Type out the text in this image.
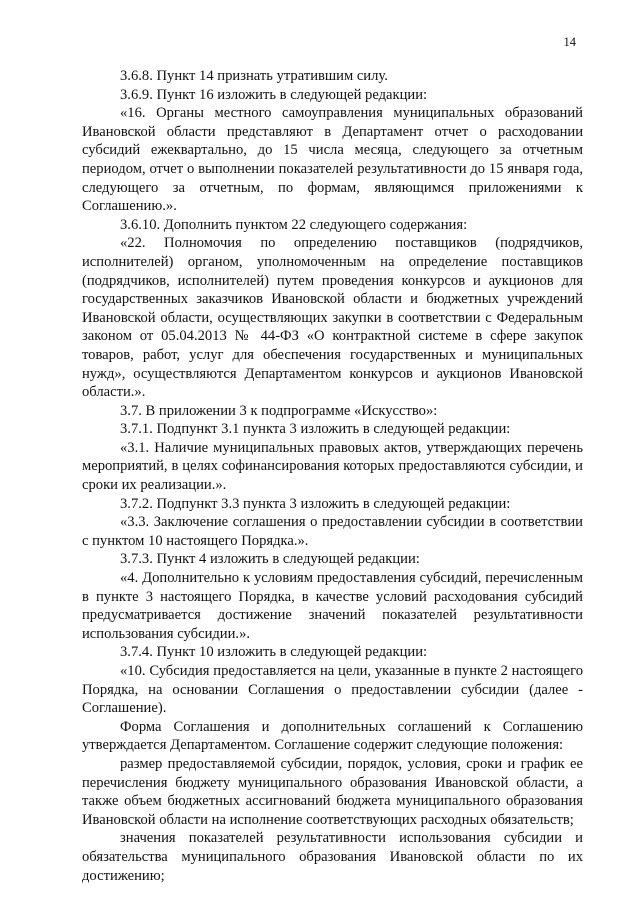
14

3.6.8. Пункт 14 признать утратившим силу.

3.6.9. Пункт 16 изложить в следующей редакции:

«16. Органы местного самоуправления муниципальных образований Ивановской области представляют в Департамент отчет о расходовании субсидий ежеквартально, до 15 числа месяца, следующего за отчетным периодом, отчет о выполнении показателей результативности до 15 января года, следующего за отчетным, по формам, являющимся приложениями к Соглашению.».

3.6.10. Дополнить пунктом 22 следующего содержания:

«22. Полномочия по определению поставщиков (подрядчиков, исполнителей) органом, уполномоченным на определение поставщиков (подрядчиков, исполнителей) путем проведения конкурсов и аукционов для государственных заказчиков Ивановской области и бюджетных учреждений Ивановской области, осуществляющих закупки в соответствии с Федеральным законом от 05.04.2013 № 44-ФЗ «О контрактной системе в сфере закупок товаров, работ, услуг для обеспечения государственных и муниципальных нужд», осуществляются Департаментом конкурсов и аукционов Ивановской области.».

3.7. В приложении 3 к подпрограмме «Искусство»:

3.7.1. Подпункт 3.1 пункта 3 изложить в следующей редакции:

«3.1. Наличие муниципальных правовых актов, утверждающих перечень мероприятий, в целях софинансирования которых предоставляются субсидии, и сроки их реализации.».

3.7.2. Подпункт 3.3 пункта 3 изложить в следующей редакции:

«3.3. Заключение соглашения о предоставлении субсидии в соответствии с пунктом 10 настоящего Порядка.».

3.7.3. Пункт 4 изложить в следующей редакции:

«4. Дополнительно к условиям предоставления субсидий, перечисленным в пункте 3 настоящего Порядка, в качестве условий расходования субсидий предусматривается достижение значений показателей результативности использования субсидии.».

3.7.4. Пункт 10 изложить в следующей редакции:

«10. Субсидия предоставляется на цели, указанные в пункте 2 настоящего Порядка, на основании Соглашения о предоставлении субсидии (далее - Соглашение).

Форма Соглашения и дополнительных соглашений к Соглашению утверждается Департаментом. Соглашение содержит следующие положения:

размер предоставляемой субсидии, порядок, условия, сроки и график ее перечисления бюджету муниципального образования Ивановской области, а также объем бюджетных ассигнований бюджета муниципального образования Ивановской области на исполнение соответствующих расходных обязательств;

значения показателей результативности использования субсидии и обязательства муниципального образования Ивановской области по их достижению;
